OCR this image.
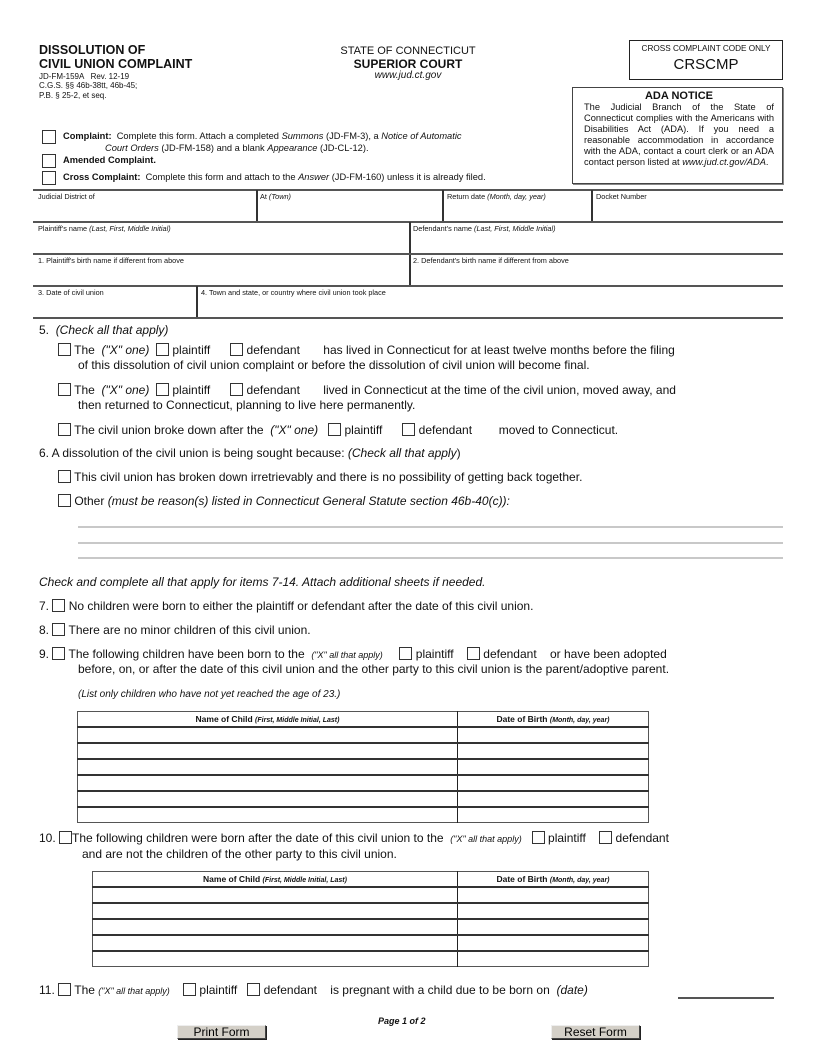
DISSOLUTION OF
CIVIL UNION COMPLAINT
JD-FM-159A   Rev. 12-19
C.G.S. §§ 46b-38tt, 46b-45;
P.B. § 25-2, et seq.
STATE OF CONNECTICUT
SUPERIOR COURT
www.jud.ct.gov
CROSS COMPLAINT CODE ONLY
CRSCMP
ADA NOTICE
The Judicial Branch of the State of Connecticut complies with the Americans with Disabilities Act (ADA). If you need a reasonable accommodation in accordance with the ADA, contact a court clerk or an ADA contact person listed at www.jud.ct.gov/ADA.
Complaint:  Complete this form. Attach a completed Summons (JD-FM-3), a Notice of Automatic
Court Orders (JD-FM-158) and a blank Appearance (JD-CL-12).
Amended Complaint.
Cross Complaint:  Complete this form and attach to the Answer (JD-FM-160) unless it is already filed.
Judicial District of	At (Town)	Return date (Month, day, year)	Docket Number
Plaintiff's name (Last, First, Middle Initial)	Defendant's name (Last, First, Middle Initial)
1. Plaintiff's birth name if different from above	2. Defendant's birth name if different from above
3. Date of civil union	4. Town and state, or country where civil union took place
5. (Check all that apply)
The ("X" one) plaintiff	defendant has lived in Connecticut for at least twelve months before the filing
of this dissolution of civil union complaint or before the dissolution of civil union will become final.
The ("X" one) plaintiff	defendant lived in Connecticut at the time of the civil union, moved away, and
then returned to Connecticut, planning to live here permanently.
The civil union broke down after the ("X" one) plaintiff	defendant moved to Connecticut.
6. A dissolution of the civil union is being sought because: (Check all that apply)
This civil union has broken down irretrievably and there is no possibility of getting back together.
Other (must be reason(s) listed in Connecticut General Statute section 46b-40(c)):
Check and complete all that apply for items 7-14. Attach additional sheets if needed.
7. No children were born to either the plaintiff or defendant after the date of this civil union.
8. There are no minor children of this civil union.
9. The following children have been born to the  ("X" all that apply)	plaintiff defendant or have been adopted
before, on, or after the date of this civil union and the other party to this civil union is the parent/adoptive parent.
(List only children who have not yet reached the age of 23.)
Name of Child (First, Middle Initial, Last)	Date of Birth (Month, day, year)

10. The following children were born after the date of this civil union to the  ("X" all that apply) plaintiff defendant
and are not the children of the other party to this civil union.
Name of Child (First, Middle Initial, Last)	Date of Birth (Month, day, year)

11. The ("X" all that apply) plaintiff defendant is pregnant with a child due to be born on  (date)
Page 1 of 2
Print Form	Reset Form
